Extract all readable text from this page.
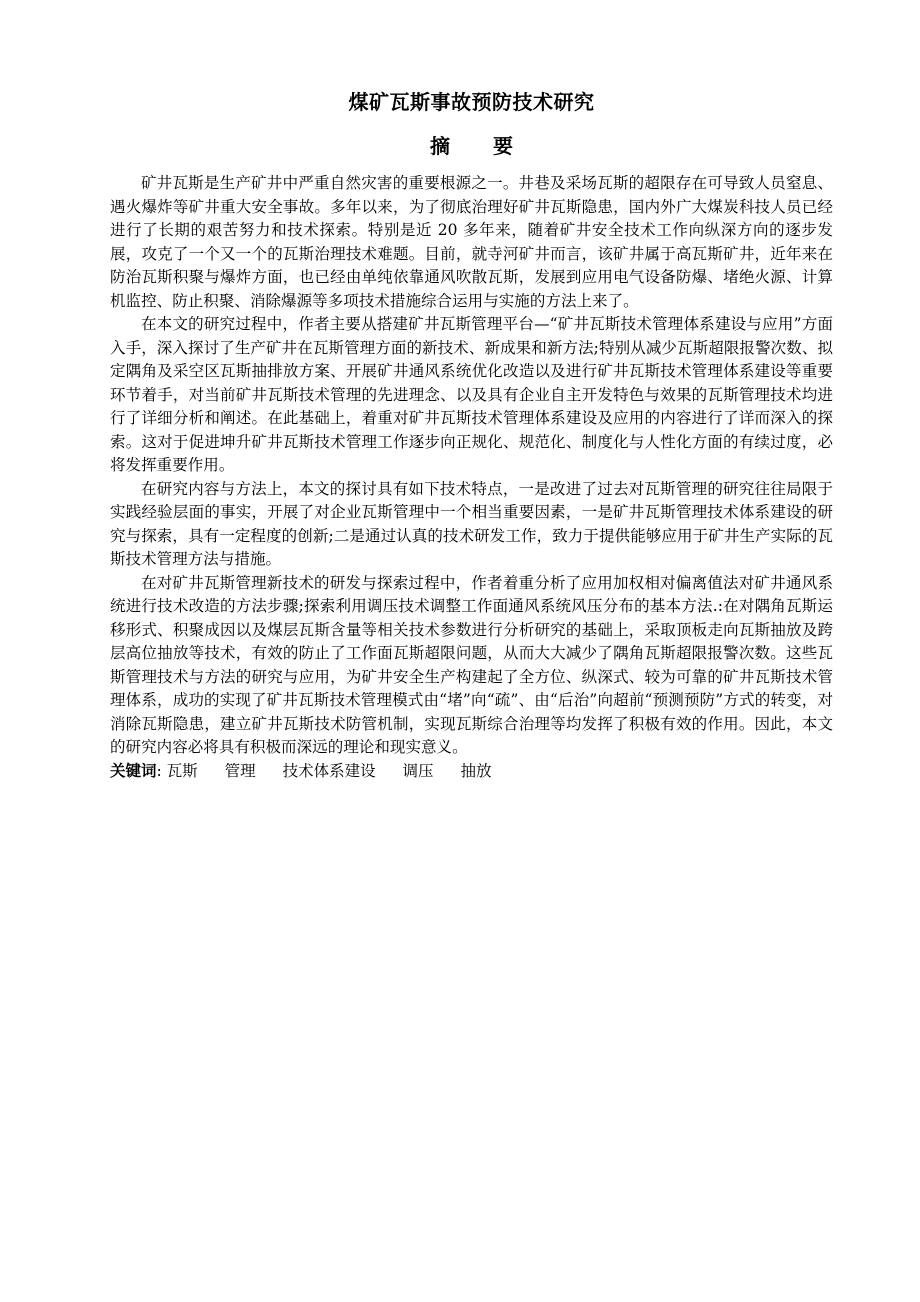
煤矿瓦斯事故预防技术研究
摘 要

矿井瓦斯是生产矿井中严重自然灾害的重要根源之一。井巷及采场瓦斯的超限存在可导致人员窒息、遇火爆炸等矿井重大安全事故。多年以来，为了彻底治理好矿井瓦斯隐患，国内外广大煤炭科技人员已经进行了长期的艰苦努力和技术探索。特别是近 20 多年来，随着矿井安全技术工作向纵深方向的逐步发展，攻克了一个又一个的瓦斯治理技术难题。目前，就寺河矿井而言，该矿井属于高瓦斯矿井，近年来在防治瓦斯积聚与爆炸方面，也已经由单纯依靠通风吹散瓦斯，发展到应用电气设备防爆、堵绝火源、计算机监控、防止积聚、消除爆源等多项技术措施综合运用与实施的方法上来了。

在本文的研究过程中，作者主要从搭建矿井瓦斯管理平台—“矿井瓦斯技术管理体系建设与应用”方面入手，深入探讨了生产矿井在瓦斯管理方面的新技术、新成果和新方法;特别从减少瓦斯超限报警次数、拟定隅角及采空区瓦斯抽排放方案、开展矿井通风系统优化改造以及进行矿井瓦斯技术管理体系建设等重要环节着手，对当前矿井瓦斯技术管理的先进理念、以及具有企业自主开发特色与效果的瓦斯管理技术均进行了详细分析和阐述。在此基础上，着重对矿井瓦斯技术管理体系建设及应用的内容进行了详而深入的探索。这对于促进坤升矿井瓦斯技术管理工作逐步向正规化、规范化、制度化与人性化方面的有续过度，必将发挥重要作用。

在研究内容与方法上，本文的探讨具有如下技术特点，一是改进了过去对瓦斯管理的研究往往局限于实践经验层面的事实，开展了对企业瓦斯管理中一个相当重要因素，一是矿井瓦斯管理技术体系建设的研究与探索，具有一定程度的创新;二是通过认真的技术研发工作，致力于提供能够应用于矿井生产实际的瓦斯技术管理方法与措施。

在对矿井瓦斯管理新技术的研发与探索过程中，作者着重分析了应用加权相对偏离值法对矿井通风系统进行技术改造的方法步骤;探索利用调压技术调整工作面通风系统风压分布的基本方法.:在对隅角瓦斯运移形式、积聚成因以及煤层瓦斯含量等相关技术参数进行分析研究的基础上，采取顶板走向瓦斯抽放及跨层高位抽放等技术，有效的防止了工作面瓦斯超限问题，从而大大减少了隅角瓦斯超限报警次数。这些瓦斯管理技术与方法的研究与应用，为矿井安全生产构建起了全方位、纵深式、较为可靠的矿井瓦斯技术管理体系，成功的实现了矿井瓦斯技术管理模式由“堵”向“疏”、由“后治”向超前“预测预防”方式的转变，对消除瓦斯隐患，建立矿井瓦斯技术防管机制，实现瓦斯综合治理等均发挥了积极有效的作用。因此，本文的研究内容必将具有积极而深远的理论和现实意义。

关键词: 瓦斯 管理 技术体系建设 调压 抽放
